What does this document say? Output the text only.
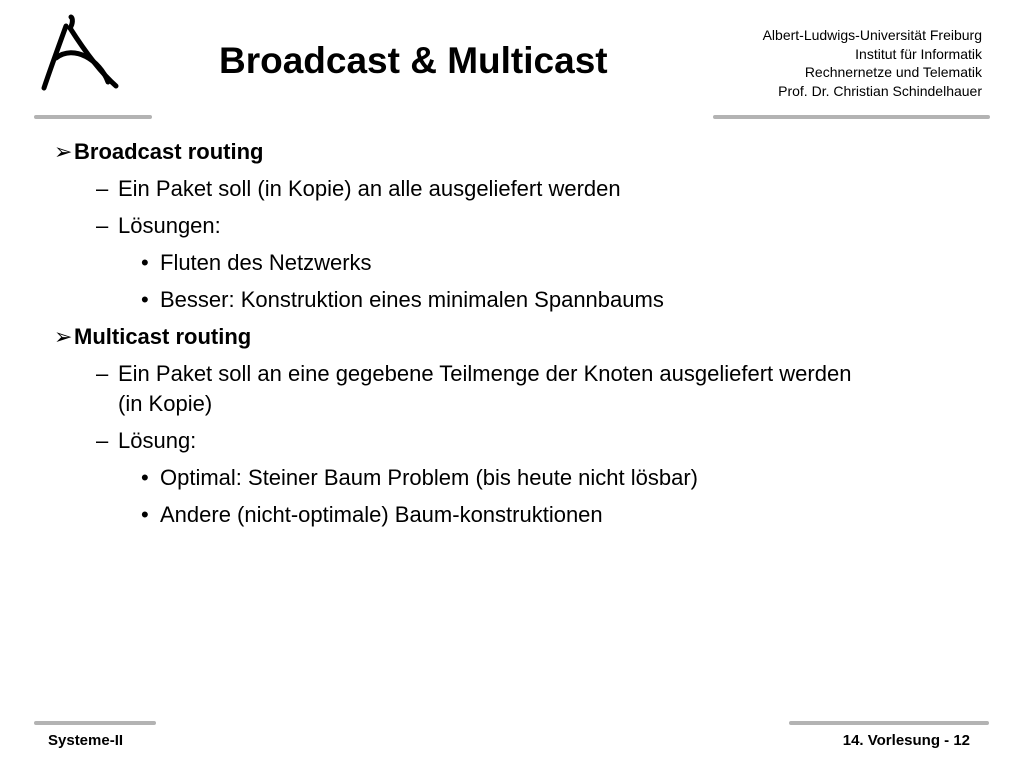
Broadcast & Multicast
Albert-Ludwigs-Universität Freiburg
Institut für Informatik
Rechnernetze und Telematik
Prof. Dr. Christian Schindelhauer
➢Broadcast routing
– Ein Paket soll (in Kopie) an alle ausgeliefert werden
– Lösungen:
• Fluten des Netzwerks
• Besser: Konstruktion eines minimalen Spannbaums
➢Multicast routing
– Ein Paket soll an eine gegebene Teilmenge der Knoten ausgeliefert werden
(in Kopie)
– Lösung:
• Optimal: Steiner Baum Problem (bis heute nicht lösbar)
• Andere (nicht-optimale) Baum-konstruktionen
Systeme-II	14. Vorlesung - 12
